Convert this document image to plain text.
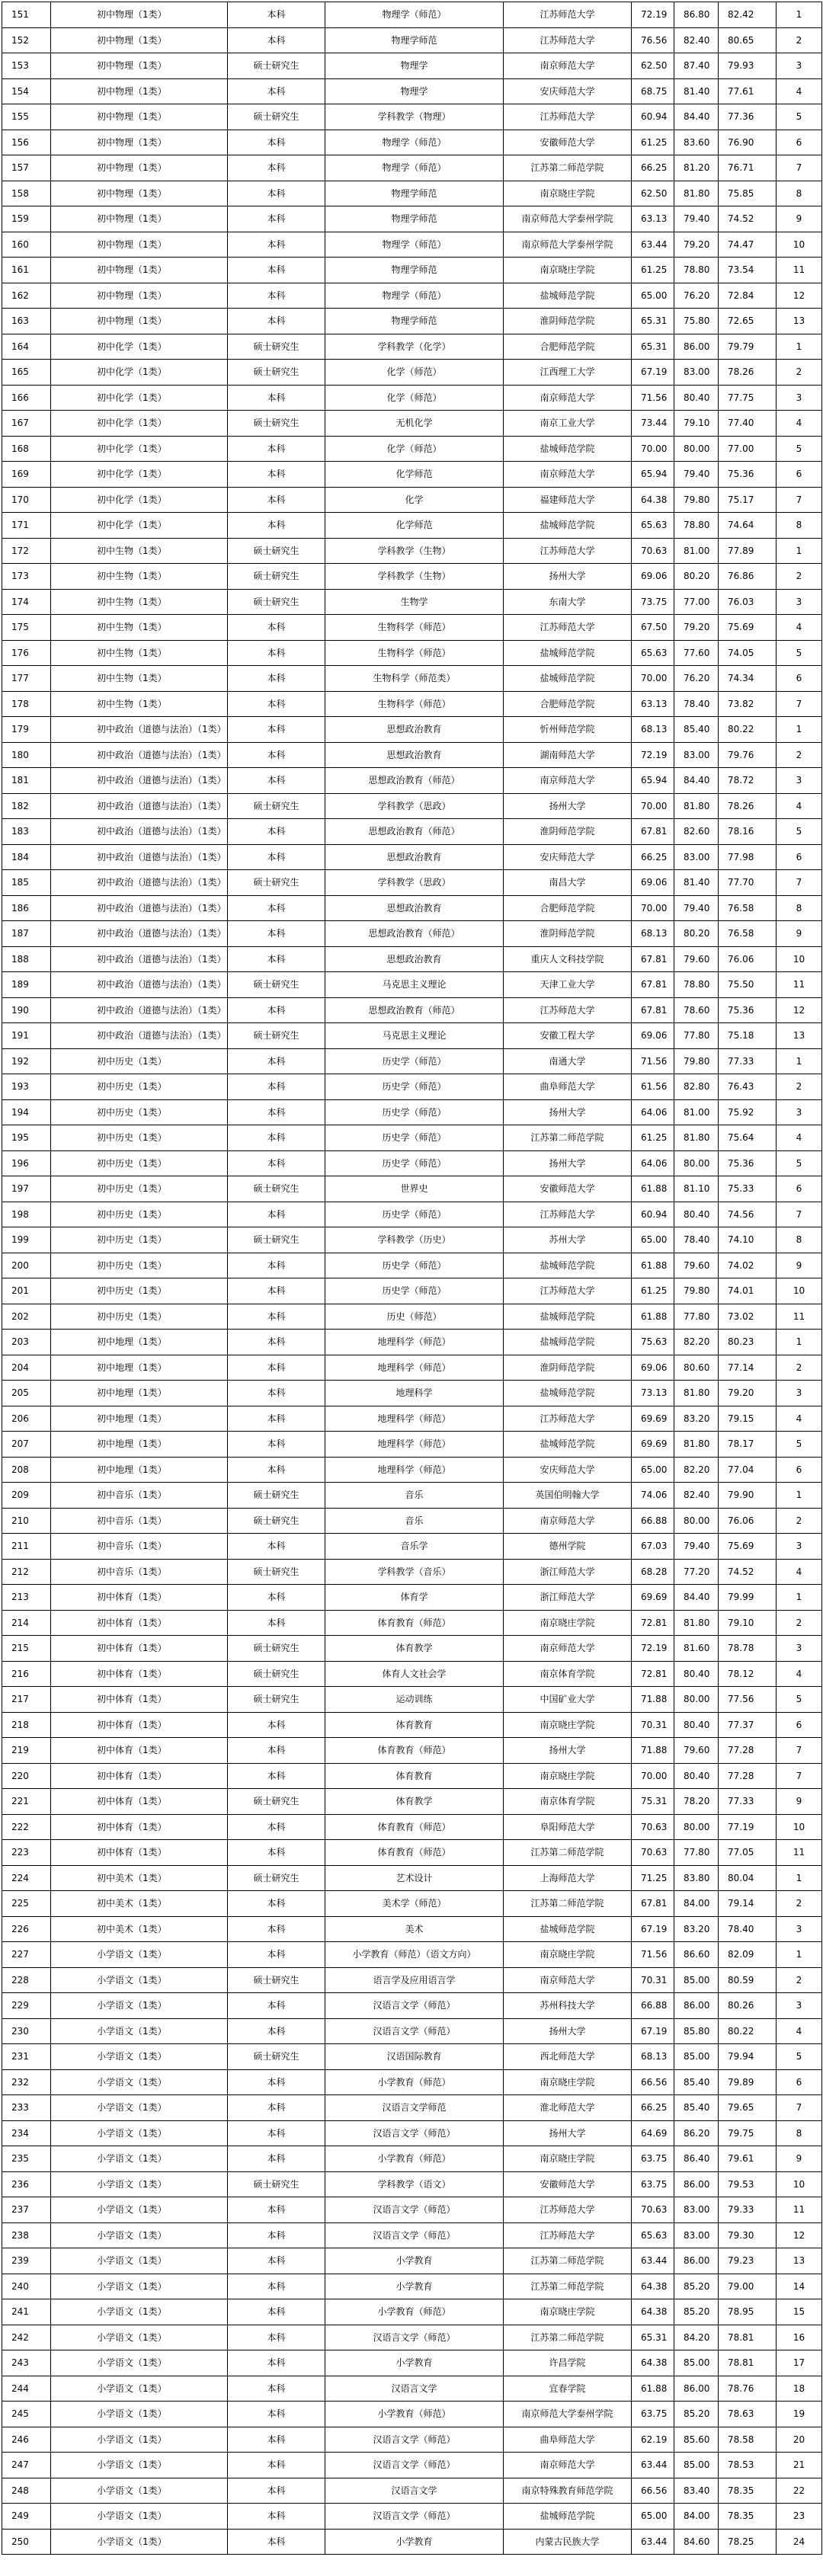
151	初中物理（1类）	本科	物理学（师范）	江苏师范大学	72.19	86.80	82.42	1
152	初中物理（1类）	本科	物理学师范	江苏师范大学	76.56	82.40	80.65	2
153	初中物理（1类）	硕士研究生	物理学	南京师范大学	62.50	87.40	79.93	3
154	初中物理（1类）	本科	物理学	安庆师范大学	68.75	81.40	77.61	4
155	初中物理（1类）	硕士研究生	学科教学（物理）	江苏师范大学	60.94	84.40	77.36	5
156	初中物理（1类）	本科	物理学（师范）	安徽师范大学	61.25	83.60	76.90	6
157	初中物理（1类）	本科	物理学（师范）	江苏第二师范学院	66.25	81.20	76.71	7
158	初中物理（1类）	本科	物理学师范	南京晓庄学院	62.50	81.80	75.85	8
159	初中物理（1类）	本科	物理学师范	南京师范大学泰州学院	63.13	79.40	74.52	9
160	初中物理（1类）	本科	物理学（师范）	南京师范大学泰州学院	63.44	79.20	74.47	10
161	初中物理（1类）	本科	物理学师范	南京晓庄学院	61.25	78.80	73.54	11
162	初中物理（1类）	本科	物理学（师范）	盐城师范学院	65.00	76.20	72.84	12
163	初中物理（1类）	本科	物理学师范	淮阴师范学院	65.31	75.80	72.65	13
164	初中化学（1类）	硕士研究生	学科教学（化学）	合肥师范学院	65.31	86.00	79.79	1
165	初中化学（1类）	硕士研究生	化学（师范）	江西理工大学	67.19	83.00	78.26	2
166	初中化学（1类）	本科	化学（师范）	南京师范大学	71.56	80.40	77.75	3
167	初中化学（1类）	硕士研究生	无机化学	南京工业大学	73.44	79.10	77.40	4
168	初中化学（1类）	本科	化学（师范）	盐城师范学院	70.00	80.00	77.00	5
169	初中化学（1类）	本科	化学师范	南京师范大学	65.94	79.40	75.36	6
170	初中化学（1类）	本科	化学	福建师范大学	64.38	79.80	75.17	7
171	初中化学（1类）	本科	化学师范	盐城师范学院	65.63	78.80	74.64	8
172	初中生物（1类）	硕士研究生	学科教学（生物）	江苏师范大学	70.63	81.00	77.89	1
173	初中生物（1类）	硕士研究生	学科教学（生物）	扬州大学	69.06	80.20	76.86	2
174	初中生物（1类）	硕士研究生	生物学	东南大学	73.75	77.00	76.03	3
175	初中生物（1类）	本科	生物科学（师范）	江苏师范大学	67.50	79.20	75.69	4
176	初中生物（1类）	本科	生物科学（师范）	盐城师范学院	65.63	77.60	74.05	5
177	初中生物（1类）	本科	生物科学（师范类）	盐城师范学院	70.00	76.20	74.34	6
178	初中生物（1类）	本科	生物科学（师范）	合肥师范学院	63.13	78.40	73.82	7
179	初中政治（道德与法治）（1类）	本科	思想政治教育	忻州师范学院	68.13	85.40	80.22	1
180	初中政治（道德与法治）（1类）	本科	思想政治教育	湖南师范大学	72.19	83.00	79.76	2
181	初中政治（道德与法治）（1类）	本科	思想政治教育（师范）	南京师范大学	65.94	84.40	78.72	3
182	初中政治（道德与法治）（1类）	硕士研究生	学科教学（思政）	扬州大学	70.00	81.80	78.26	4
183	初中政治（道德与法治）（1类）	本科	思想政治教育（师范）	淮阴师范学院	67.81	82.60	78.16	5
184	初中政治（道德与法治）（1类）	本科	思想政治教育	安庆师范大学	66.25	83.00	77.98	6
185	初中政治（道德与法治）（1类）	硕士研究生	学科教学（思政）	南昌大学	69.06	81.40	77.70	7
186	初中政治（道德与法治）（1类）	本科	思想政治教育	合肥师范学院	70.00	79.40	76.58	8
187	初中政治（道德与法治）（1类）	本科	思想政治教育（师范）	淮阴师范学院	68.13	80.20	76.58	9
188	初中政治（道德与法治）（1类）	本科	思想政治教育	重庆人文科技学院	67.81	79.60	76.06	10
189	初中政治（道德与法治）（1类）	硕士研究生	马克思主义理论	天津工业大学	67.81	78.80	75.50	11
190	初中政治（道德与法治）（1类）	本科	思想政治教育（师范）	江苏师范大学	67.81	78.60	75.36	12
191	初中政治（道德与法治）（1类）	硕士研究生	马克思主义理论	安徽工程大学	69.06	77.80	75.18	13
192	初中历史（1类）	本科	历史学（师范）	南通大学	71.56	79.80	77.33	1
193	初中历史（1类）	本科	历史学（师范）	曲阜师范大学	61.56	82.80	76.43	2
194	初中历史（1类）	本科	历史学（师范）	扬州大学	64.06	81.00	75.92	3
195	初中历史（1类）	本科	历史学（师范）	江苏第二师范学院	61.25	81.80	75.64	4
196	初中历史（1类）	本科	历史学（师范）	扬州大学	64.06	80.00	75.36	5
197	初中历史（1类）	硕士研究生	世界史	安徽师范大学	61.88	81.10	75.33	6
198	初中历史（1类）	本科	历史学（师范）	江苏师范大学	60.94	80.40	74.56	7
199	初中历史（1类）	硕士研究生	学科教学（历史）	苏州大学	65.00	78.40	74.10	8
200	初中历史（1类）	本科	历史学（师范）	盐城师范学院	61.88	79.60	74.02	9
201	初中历史（1类）	本科	历史学（师范）	江苏师范大学	61.25	79.80	74.01	10
202	初中历史（1类）	本科	历史（师范）	盐城师范学院	61.88	77.80	73.02	11
203	初中地理（1类）	本科	地理科学（师范）	盐城师范学院	75.63	82.20	80.23	1
204	初中地理（1类）	本科	地理科学（师范）	淮阴师范学院	69.06	80.60	77.14	2
205	初中地理（1类）	本科	地理科学	盐城师范学院	73.13	81.80	79.20	3
206	初中地理（1类）	本科	地理科学（师范）	江苏师范大学	69.69	83.20	79.15	4
207	初中地理（1类）	本科	地理科学（师范）	盐城师范学院	69.69	81.80	78.17	5
208	初中地理（1类）	本科	地理科学（师范）	安庆师范大学	65.00	82.20	77.04	6
209	初中音乐（1类）	硕士研究生	音乐	英国伯明翰大学	74.06	82.40	79.90	1
210	初中音乐（1类）	硕士研究生	音乐	南京师范大学	66.88	80.00	76.06	2
211	初中音乐（1类）	本科	音乐学	德州学院	67.03	79.40	75.69	3
212	初中音乐（1类）	硕士研究生	学科教学（音乐）	浙江师范大学	68.28	77.20	74.52	4
213	初中体育（1类）	本科	体育学	浙江师范大学	69.69	84.40	79.99	1
214	初中体育（1类）	本科	体育教育（师范）	南京晓庄学院	72.81	81.80	79.10	2
215	初中体育（1类）	硕士研究生	体育教学	南京师范大学	72.19	81.60	78.78	3
216	初中体育（1类）	硕士研究生	体育人文社会学	南京体育学院	72.81	80.40	78.12	4
217	初中体育（1类）	硕士研究生	运动训练	中国矿业大学	71.88	80.00	77.56	5
218	初中体育（1类）	本科	体育教育	南京晓庄学院	70.31	80.40	77.37	6
219	初中体育（1类）	本科	体育教育（师范）	扬州大学	71.88	79.60	77.28	7
220	初中体育（1类）	本科	体育教育	南京晓庄学院	70.00	80.40	77.28	7
221	初中体育（1类）	硕士研究生	体育教学	南京体育学院	75.31	78.20	77.33	9
222	初中体育（1类）	本科	体育教育（师范）	阜阳师范大学	70.63	80.00	77.19	10
223	初中体育（1类）	本科	体育教育（师范）	江苏第二师范学院	70.63	77.80	77.05	11
224	初中美术（1类）	硕士研究生	艺术设计	上海师范大学	71.25	83.80	80.04	1
225	初中美术（1类）	本科	美术学（师范）	江苏第二师范学院	67.81	84.00	79.14	2
226	初中美术（1类）	本科	美术	盐城师范学院	67.19	83.20	78.40	3
227	小学语文（1类）	本科	小学教育（师范）（语文方向）	南京晓庄学院	71.56	86.60	82.09	1
228	小学语文（1类）	硕士研究生	语言学及应用语言学	南京师范大学	70.31	85.00	80.59	2
229	小学语文（1类）	本科	汉语言文学（师范）	苏州科技大学	66.88	86.00	80.26	3
230	小学语文（1类）	本科	汉语言文学（师范）	扬州大学	67.19	85.80	80.22	4
231	小学语文（1类）	硕士研究生	汉语国际教育	西北师范大学	68.13	85.00	79.94	5
232	小学语文（1类）	本科	小学教育（师范）	南京晓庄学院	66.56	85.40	79.89	6
233	小学语文（1类）	本科	汉语言文学师范	淮北师范大学	66.25	85.40	79.65	7
234	小学语文（1类）	本科	汉语言文学（师范）	扬州大学	64.69	86.20	79.75	8
235	小学语文（1类）	本科	小学教育（师范）	南京晓庄学院	63.75	86.40	79.61	9
236	小学语文（1类）	硕士研究生	学科教学（语文）	安徽师范大学	63.75	86.00	79.53	10
237	小学语文（1类）	本科	汉语言文学（师范）	江苏师范大学	70.63	83.00	79.33	11
238	小学语文（1类）	本科	汉语言文学（师范）	江苏师范大学	65.63	83.00	79.30	12
239	小学语文（1类）	本科	小学教育	江苏第二师范学院	63.44	86.00	79.23	13
240	小学语文（1类）	本科	小学教育	江苏第二师范学院	64.38	85.20	79.00	14
241	小学语文（1类）	本科	小学教育（师范）	南京晓庄学院	64.38	85.20	78.95	15
242	小学语文（1类）	本科	汉语言文学（师范）	江苏第二师范学院	65.31	84.20	78.81	16
243	小学语文（1类）	本科	小学教育	许昌学院	64.38	85.00	78.81	17
244	小学语文（1类）	本科	汉语言文学	宜春学院	61.88	86.00	78.76	18
245	小学语文（1类）	本科	小学教育（师范）	南京师范大学泰州学院	63.75	85.20	78.63	19
246	小学语文（1类）	本科	汉语言文学（师范）	曲阜师范大学	62.19	85.60	78.58	20
247	小学语文（1类）	本科	汉语言文学（师范）	南京师范大学	63.44	85.00	78.53	21
248	小学语文（1类）	本科	汉语言文学	南京特殊教育师范学院	66.56	83.40	78.35	22
249	小学语文（1类）	本科	汉语言文学（师范）	盐城师范学院	65.00	84.00	78.35	23
250	小学语文（1类）	本科	小学教育	内蒙古民族大学	63.44	84.60	78.25	24
